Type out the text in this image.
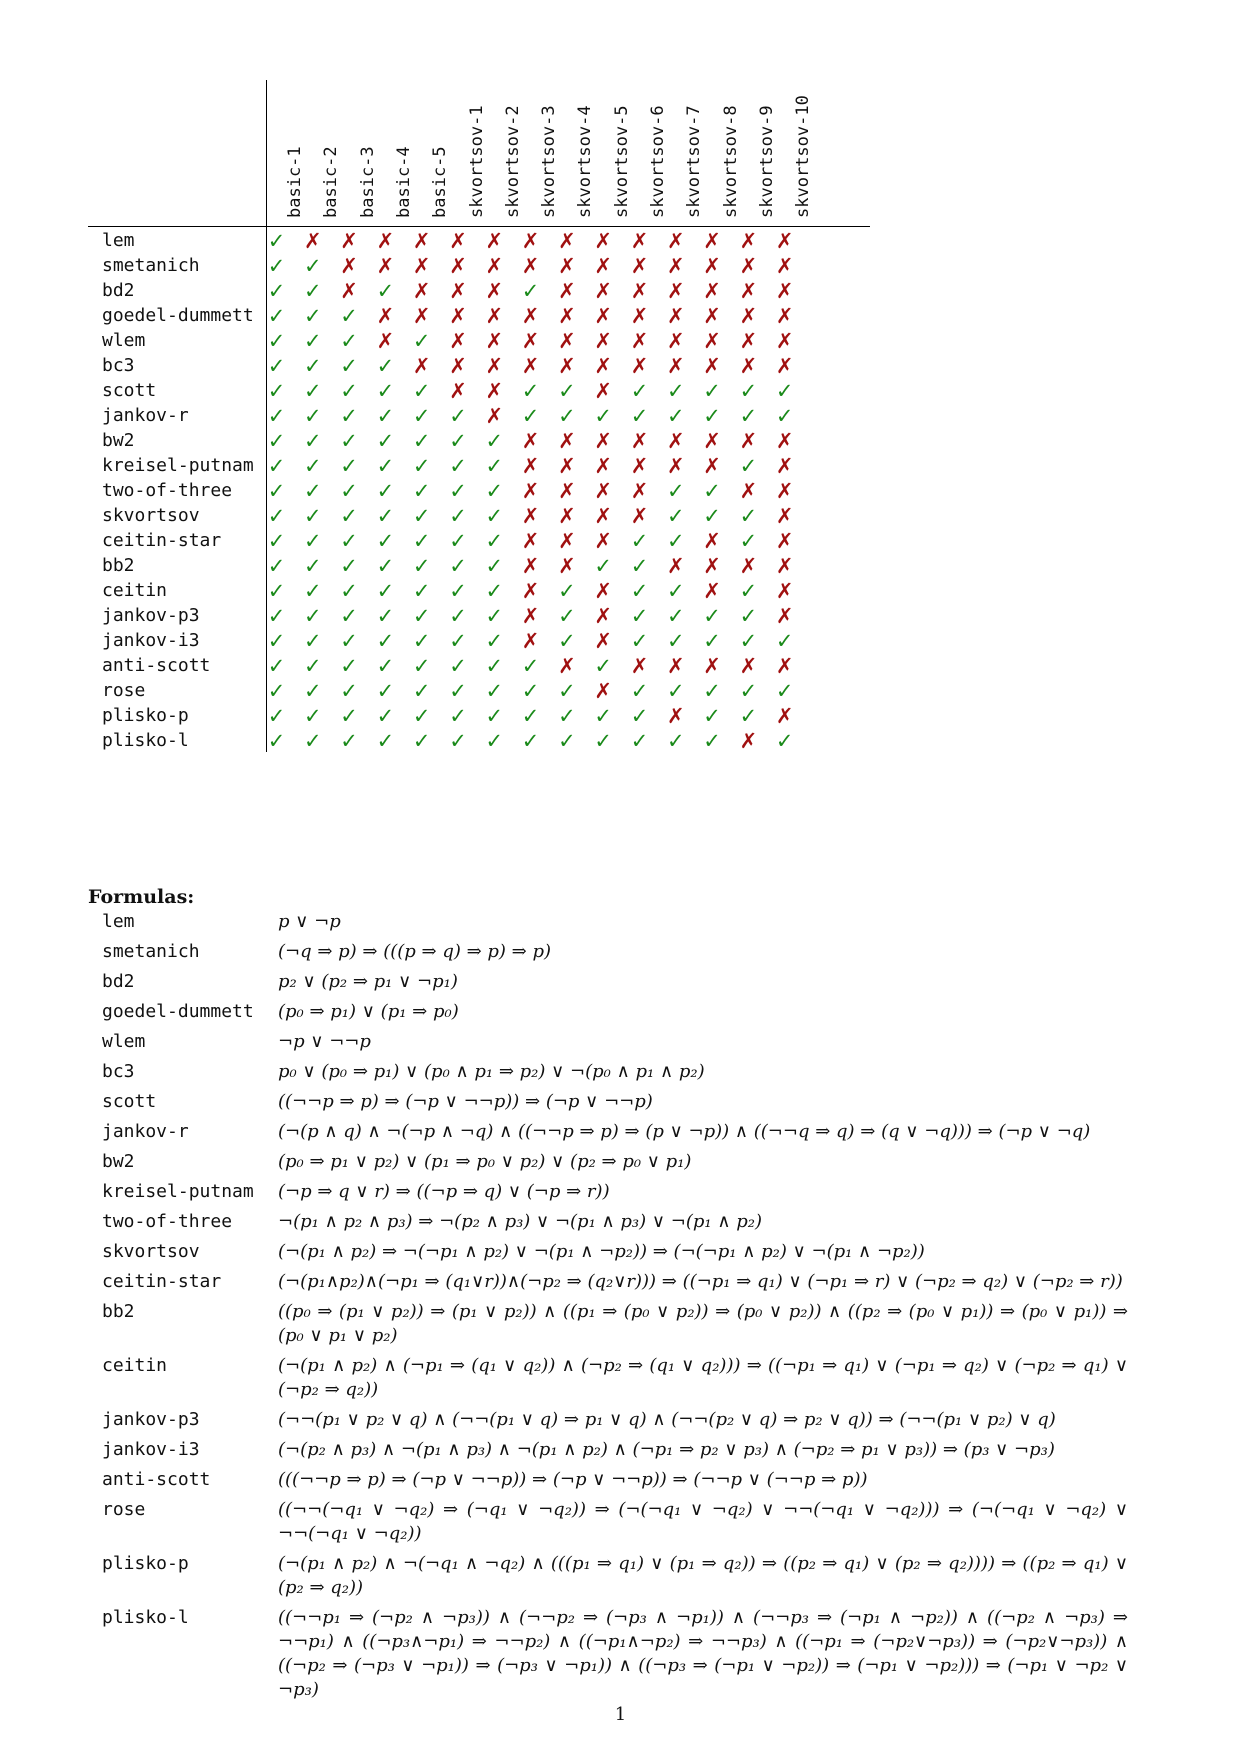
basic-1 basic-2 basic-3 basic-4 basic-5 skvortsov-1 skvortsov-2 skvortsov-3 skvortsov-4 skvortsov-5 skvortsov-6 skvortsov-7 skvortsov-8 skvortsov-9 skvortsov-10
lem	✓ ✗ ✗ ✗ ✗ ✗ ✗ ✗ ✗ ✗ ✗ ✗ ✗ ✗ ✗
smetanich	✓ ✓ ✗ ✗ ✗ ✗ ✗ ✗ ✗ ✗ ✗ ✗ ✗ ✗ ✗
bd2	✓ ✓ ✗ ✓ ✗ ✗ ✗ ✓ ✗ ✗ ✗ ✗ ✗ ✗ ✗
goedel-dummett ✓ ✓ ✓ ✗ ✗ ✗ ✗ ✗ ✗ ✗ ✗ ✗ ✗ ✗ ✗
wlem	✓ ✓ ✓ ✗ ✓ ✗ ✗ ✗ ✗ ✗ ✗ ✗ ✗ ✗ ✗
bc3	✓ ✓ ✓ ✓ ✗ ✗ ✗ ✗ ✗ ✗ ✗ ✗ ✗ ✗ ✗
scott	✓ ✓ ✓ ✓ ✓ ✗ ✗ ✓ ✓ ✗ ✓ ✓ ✓ ✓ ✓
jankov-r	✓ ✓ ✓ ✓ ✓ ✓ ✗ ✓ ✓ ✓ ✓ ✓ ✓ ✓ ✓
bw2	✓ ✓ ✓ ✓ ✓ ✓ ✓ ✗ ✗ ✗ ✗ ✗ ✗ ✗ ✗
kreisel-putnam ✓ ✓ ✓ ✓ ✓ ✓ ✓ ✗ ✗ ✗ ✗ ✗ ✗ ✓ ✗
two-of-three	✓ ✓ ✓ ✓ ✓ ✓ ✓ ✗ ✗ ✗ ✗ ✓ ✓ ✗ ✗
skvortsov	✓ ✓ ✓ ✓ ✓ ✓ ✓ ✗ ✗ ✗ ✗ ✓ ✓ ✓ ✗
ceitin-star	✓ ✓ ✓ ✓ ✓ ✓ ✓ ✗ ✗ ✗ ✓ ✓ ✗ ✓ ✗
bb2	✓ ✓ ✓ ✓ ✓ ✓ ✓ ✗ ✗ ✓ ✓ ✗ ✗ ✗ ✗
ceitin	✓ ✓ ✓ ✓ ✓ ✓ ✓ ✗ ✓ ✗ ✓ ✓ ✗ ✓ ✗
jankov-p3	✓ ✓ ✓ ✓ ✓ ✓ ✓ ✗ ✓ ✗ ✓ ✓ ✓ ✓ ✗
jankov-i3	✓ ✓ ✓ ✓ ✓ ✓ ✓ ✗ ✓ ✗ ✓ ✓ ✓ ✓ ✓
anti-scott	✓ ✓ ✓ ✓ ✓ ✓ ✓ ✓ ✗ ✓ ✗ ✗ ✗ ✗ ✗
rose	✓ ✓ ✓ ✓ ✓ ✓ ✓ ✓ ✓ ✗ ✓ ✓ ✓ ✓ ✓
plisko-p	✓ ✓ ✓ ✓ ✓ ✓ ✓ ✓ ✓ ✓ ✓ ✗ ✓ ✓ ✗
plisko-l	✓ ✓ ✓ ✓ ✓ ✓ ✓ ✓ ✓ ✓ ✓ ✓ ✓ ✗ ✓
Formulas:
lem	p ∨ ¬p
smetanich	(¬q ⇒ p) ⇒ (((p ⇒ q) ⇒ p) ⇒ p)
bd2	p₂ ∨ (p₂ ⇒ p₁ ∨ ¬p₁)
goedel-dummett	(p₀ ⇒ p₁) ∨ (p₁ ⇒ p₀)
wlem	¬p ∨ ¬¬p
bc3	p₀ ∨ (p₀ ⇒ p₁) ∨ (p₀ ∧ p₁ ⇒ p₂) ∨ ¬(p₀ ∧ p₁ ∧ p₂)
scott	((¬¬p ⇒ p) ⇒ (¬p ∨ ¬¬p)) ⇒ (¬p ∨ ¬¬p)
jankov-r	(¬(p ∧ q) ∧ ¬(¬p ∧ ¬q) ∧ ((¬¬p ⇒ p) ⇒ (p ∨ ¬p)) ∧ ((¬¬q ⇒ q) ⇒ (q ∨ ¬q))) ⇒ (¬p ∨ ¬q)
bw2	(p₀ ⇒ p₁ ∨ p₂) ∨ (p₁ ⇒ p₀ ∨ p₂) ∨ (p₂ ⇒ p₀ ∨ p₁)
kreisel-putnam	(¬p ⇒ q ∨ r) ⇒ ((¬p ⇒ q) ∨ (¬p ⇒ r))
two-of-three	¬(p₁ ∧ p₂ ∧ p₃) ⇒ ¬(p₂ ∧ p₃) ∨ ¬(p₁ ∧ p₃) ∨ ¬(p₁ ∧ p₂)
skvortsov	(¬(p₁ ∧ p₂) ⇒ ¬(¬p₁ ∧ p₂) ∨ ¬(p₁ ∧ ¬p₂)) ⇒ (¬(¬p₁ ∧ p₂) ∨ ¬(p₁ ∧ ¬p₂))
ceitin-star	(¬(p₁∧p₂)∧(¬p₁ ⇒ (q₁∨r))∧(¬p₂ ⇒ (q₂∨r))) ⇒ ((¬p₁ ⇒ q₁) ∨ (¬p₁ ⇒ r) ∨ (¬p₂ ⇒ q₂) ∨ (¬p₂ ⇒ r))
bb2	((p₀ ⇒ (p₁ ∨ p₂)) ⇒ (p₁ ∨ p₂)) ∧ ((p₁ ⇒ (p₀ ∨ p₂)) ⇒ (p₀ ∨ p₂)) ∧ ((p₂ ⇒ (p₀ ∨ p₁)) ⇒ (p₀ ∨ p₁)) ⇒ (p₀ ∨ p₁ ∨ p₂)
ceitin	(¬(p₁ ∧ p₂) ∧ (¬p₁ ⇒ (q₁ ∨ q₂)) ∧ (¬p₂ ⇒ (q₁ ∨ q₂))) ⇒ ((¬p₁ ⇒ q₁) ∨ (¬p₁ ⇒ q₂) ∨ (¬p₂ ⇒ q₁) ∨ (¬p₂ ⇒ q₂))
jankov-p3	(¬¬(p₁ ∨ p₂ ∨ q) ∧ (¬¬(p₁ ∨ q) ⇒ p₁ ∨ q) ∧ (¬¬(p₂ ∨ q) ⇒ p₂ ∨ q)) ⇒ (¬¬(p₁ ∨ p₂) ∨ q)
jankov-i3	(¬(p₂ ∧ p₃) ∧ ¬(p₁ ∧ p₃) ∧ ¬(p₁ ∧ p₂) ∧ (¬p₁ ⇒ p₂ ∨ p₃) ∧ (¬p₂ ⇒ p₁ ∨ p₃)) ⇒ (p₃ ∨ ¬p₃)
anti-scott	(((¬¬p ⇒ p) ⇒ (¬p ∨ ¬¬p)) ⇒ (¬p ∨ ¬¬p)) ⇒ (¬¬p ∨ (¬¬p ⇒ p))
rose	((¬¬(¬q₁ ∨ ¬q₂) ⇒ (¬q₁ ∨ ¬q₂)) ⇒ (¬(¬q₁ ∨ ¬q₂) ∨ ¬¬(¬q₁ ∨ ¬q₂))) ⇒ (¬(¬q₁ ∨ ¬q₂) ∨ ¬¬(¬q₁ ∨ ¬q₂))
plisko-p	(¬(p₁ ∧ p₂) ∧ ¬(¬q₁ ∧ ¬q₂) ∧ (((p₁ ⇒ q₁) ∨ (p₁ ⇒ q₂)) ⇒ ((p₂ ⇒ q₁) ∨ (p₂ ⇒ q₂)))) ⇒ ((p₂ ⇒ q₁) ∨ (p₂ ⇒ q₂))
plisko-l	((¬¬p₁ ⇒ (¬p₂ ∧ ¬p₃)) ∧ (¬¬p₂ ⇒ (¬p₃ ∧ ¬p₁)) ∧ (¬¬p₃ ⇒ (¬p₁ ∧ ¬p₂)) ∧ ((¬p₂ ∧ ¬p₃) ⇒ ¬¬p₁) ∧ ((¬p₃∧¬p₁) ⇒ ¬¬p₂) ∧ ((¬p₁∧¬p₂) ⇒ ¬¬p₃) ∧ ((¬p₁ ⇒ (¬p₂∨¬p₃)) ⇒ (¬p₂∨¬p₃)) ∧ ((¬p₂ ⇒ (¬p₃ ∨ ¬p₁)) ⇒ (¬p₃ ∨ ¬p₁)) ∧ ((¬p₃ ⇒ (¬p₁ ∨ ¬p₂)) ⇒ (¬p₁ ∨ ¬p₂))) ⇒ (¬p₁ ∨ ¬p₂ ∨ ¬p₃)
1
